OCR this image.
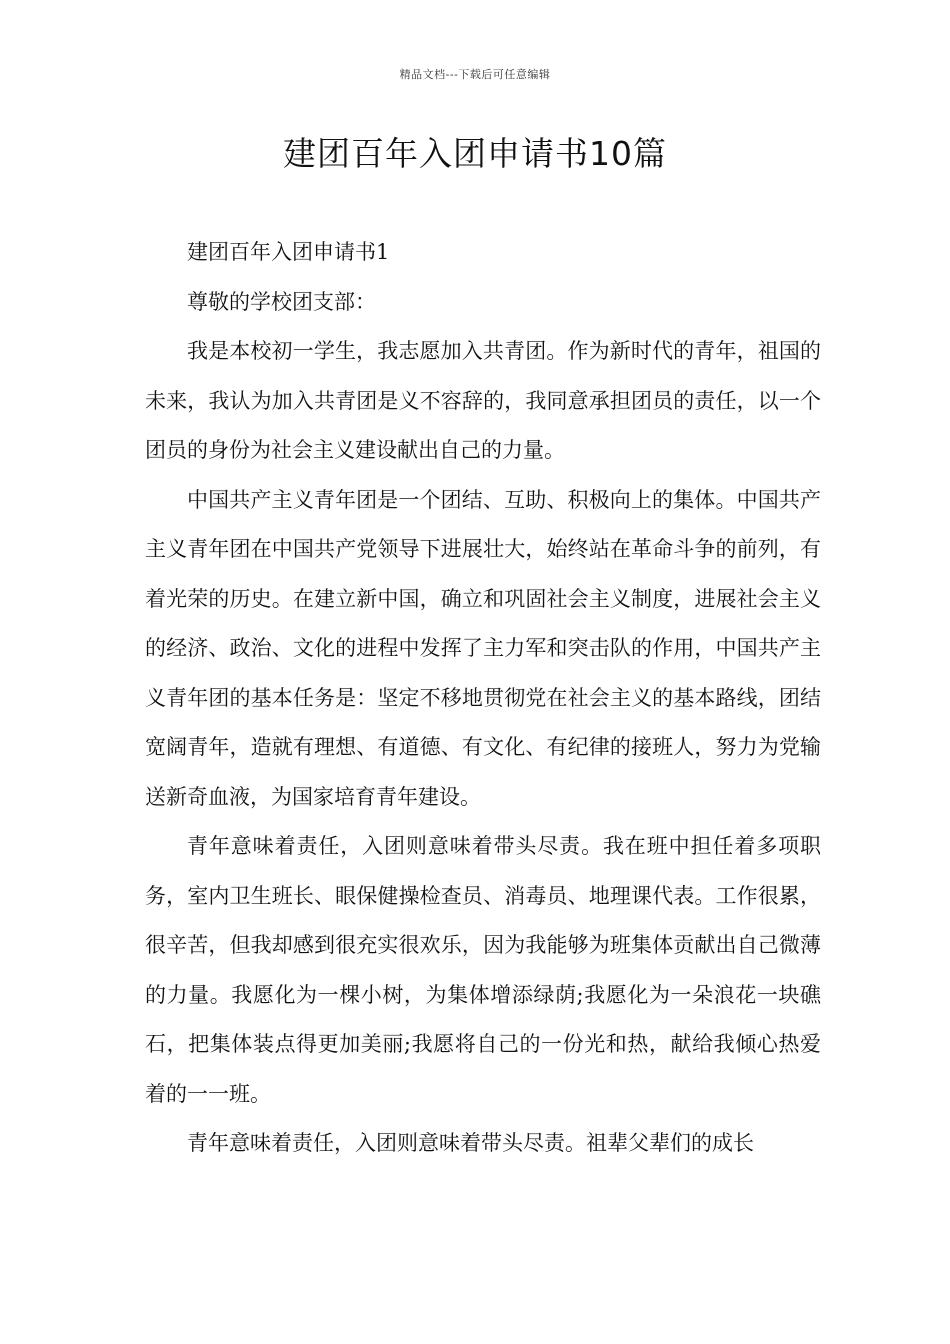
精品文档---下载后可任意编辑
建团百年入团申请书10篇

建团百年入团申请书1

尊敬的学校团支部：

我是本校初一学生，我志愿加入共青团。作为新时代的青年，祖国的未来，我认为加入共青团是义不容辞的，我同意承担团员的责任，以一个团员的身份为社会主义建设献出自己的力量。

中国共产主义青年团是一个团结、互助、积极向上的集体。中国共产主义青年团在中国共产党领导下进展壮大，始终站在革命斗争的前列，有着光荣的历史。在建立新中国，确立和巩固社会主义制度，进展社会主义的经济、政治、文化的进程中发挥了主力军和突击队的作用，中国共产主义青年团的基本任务是：坚定不移地贯彻党在社会主义的基本路线，团结宽阔青年，造就有理想、有道德、有文化、有纪律的接班人，努力为党输送新奇血液，为国家培育青年建设。

青年意味着责任，入团则意味着带头尽责。我在班中担任着多项职务，室内卫生班长、眼保健操检查员、消毒员、地理课代表。工作很累，很辛苦，但我却感到很充实很欢乐，因为我能够为班集体贡献出自己微薄的力量。我愿化为一棵小树，为集体增添绿荫;我愿化为一朵浪花一块礁石，把集体装点得更加美丽;我愿将自己的一份光和热，献给我倾心热爱着的一一班。

青年意味着责任，入团则意味着带头尽责。祖辈父辈们的成长
